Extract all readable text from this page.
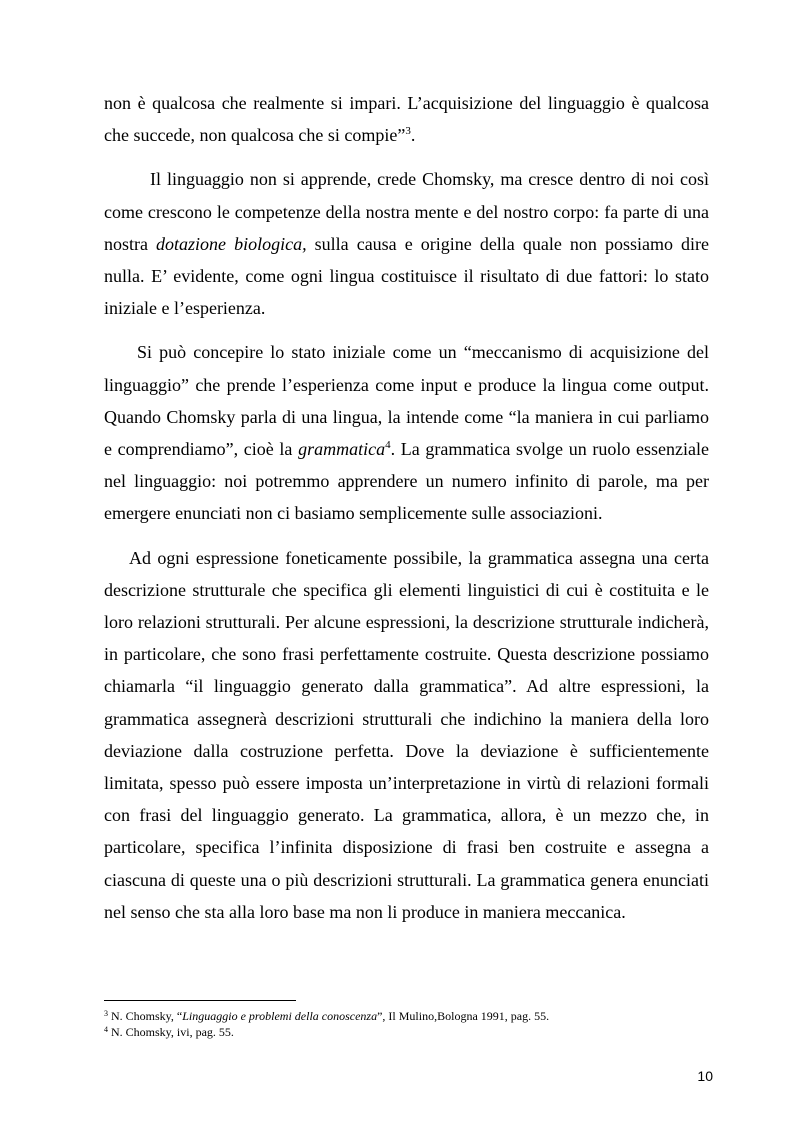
non è qualcosa che realmente si impari. L’acquisizione del linguaggio è qualcosa che succede, non qualcosa che si compie”$^3$.

Il linguaggio non si apprende, crede Chomsky, ma cresce dentro di noi così come crescono le competenze della nostra mente e del nostro corpo: fa parte di una nostra dotazione biologica, sulla causa e origine della quale non possiamo dire nulla. E’ evidente, come ogni lingua costituisce il risultato di due fattori: lo stato iniziale e l’esperienza.

Si può concepire lo stato iniziale come un “meccanismo di acquisizione del linguaggio” che prende l’esperienza come input e produce la lingua come output. Quando Chomsky parla di una lingua, la intende come “la maniera in cui parliamo e comprendiamo”, cioè la grammatica$^4$. La grammatica svolge un ruolo essenziale nel linguaggio: noi potremmo apprendere un numero infinito di parole, ma per emergere enunciati non ci basiamo semplicemente sulle associazioni.

Ad ogni espressione foneticamente possibile, la grammatica assegna una certa descrizione strutturale che specifica gli elementi linguistici di cui è costituita e le loro relazioni strutturali. Per alcune espressioni, la descrizione strutturale indicherà, in particolare, che sono frasi perfettamente costruite. Questa descrizione possiamo chiamarla “il linguaggio generato dalla grammatica”. Ad altre espressioni, la grammatica assegnerà descrizioni strutturali che indichino la maniera della loro deviazione dalla costruzione perfetta. Dove la deviazione è sufficientemente limitata, spesso può essere imposta un’interpretazione in virtù di relazioni formali con frasi del linguaggio generato. La grammatica, allora, è un mezzo che, in particolare, specifica l’infinita disposizione di frasi ben costruite e assegna a ciascuna di queste una o più descrizioni strutturali. La grammatica genera enunciati nel senso che sta alla loro base ma non li produce in maniera meccanica.

$^3$ N. Chomsky, “Linguaggio e problemi della conoscenza”, Il Mulino,Bologna 1991, pag. 55.
$^4$ N. Chomsky, ivi, pag. 55.
10
